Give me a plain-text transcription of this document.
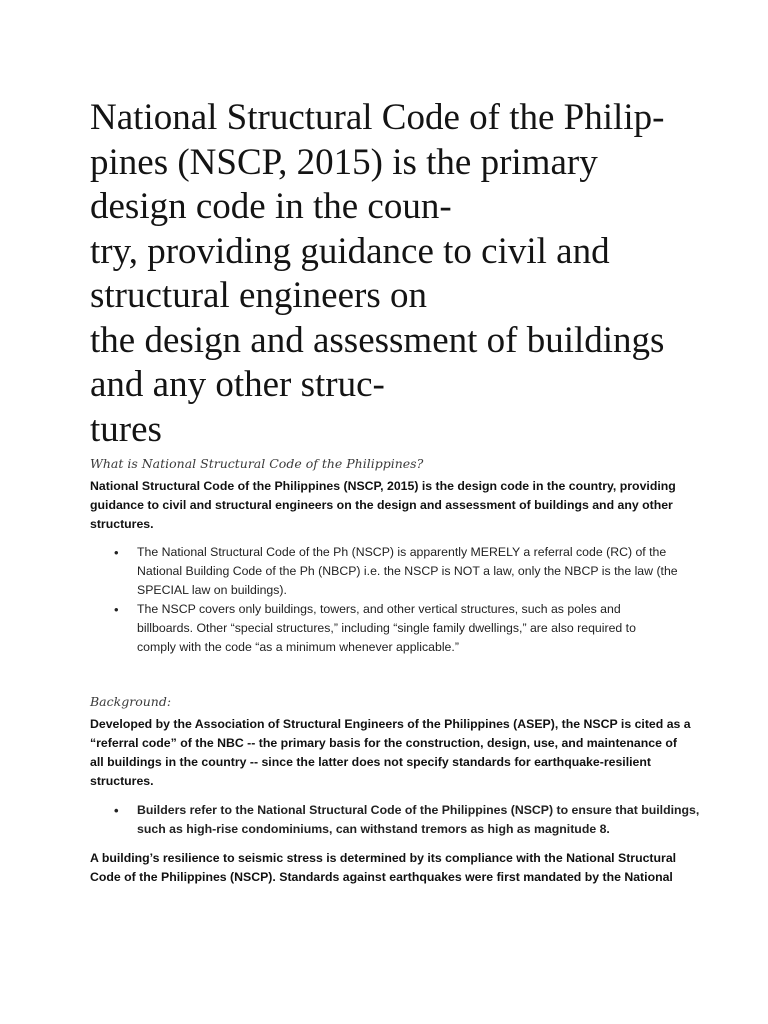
National Structural Code of the Philip-
pines (NSCP, 2015) is the primary
design code in the coun-
try, providing guidance to civil and
structural engineers on
the design and assessment of buildings
and any other struc-
tures
What is National Structural Code of the Philippines?

National Structural Code of the Philippines (NSCP, 2015) is the design code in the country, providing
guidance to civil and structural engineers on the design and assessment of buildings and any other
structures.

• The National Structural Code of the Ph (NSCP) is apparently MERELY a referral code (RC) of the
National Building Code of the Ph (NBCP) i.e. the NSCP is NOT a law, only the NBCP is the law (the
SPECIAL law on buildings).
• The NSCP covers only buildings, towers, and other vertical structures, such as poles and
billboards. Other “special structures,” including “single family dwellings,” are also required to
comply with the code “as a minimum whenever applicable.”
Background:

Developed by the Association of Structural Engineers of the Philippines (ASEP), the NSCP is cited as a
“referral code” of the NBC -- the primary basis for the construction, design, use, and maintenance of
all buildings in the country -- since the latter does not specify standards for earthquake-resilient
structures.

• Builders refer to the National Structural Code of the Philippines (NSCP) to ensure that buildings,
such as high-rise condominiums, can withstand tremors as high as magnitude 8.

A building’s resilience to seismic stress is determined by its compliance with the National Structural
Code of the Philippines (NSCP). Standards against earthquakes were first mandated by the National
